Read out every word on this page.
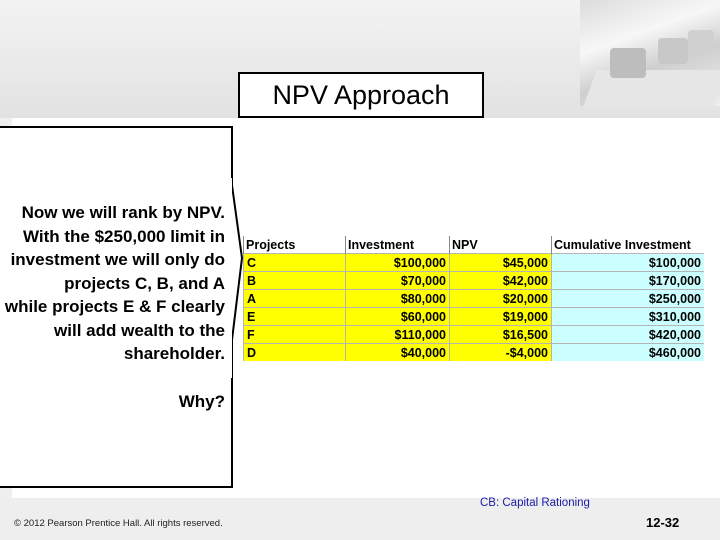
NPV Approach
Now we will rank by NPV.
With the $250,000 limit in
investment we will only do
projects C, B, and A
while projects E & F clearly
will add wealth to the
shareholder.
Why?
Projects	Investment	NPV	Cumulative Investment
C	$100,000	$45,000	$100,000
B	$70,000	$42,000	$170,000
A	$80,000	$20,000	$250,000
E	$60,000	$19,000	$310,000
F	$110,000	$16,500	$420,000
D	$40,000	-$4,000	$460,000
CB: Capital Rationing
© 2012 Pearson Prentice Hall. All rights reserved.	12-32
